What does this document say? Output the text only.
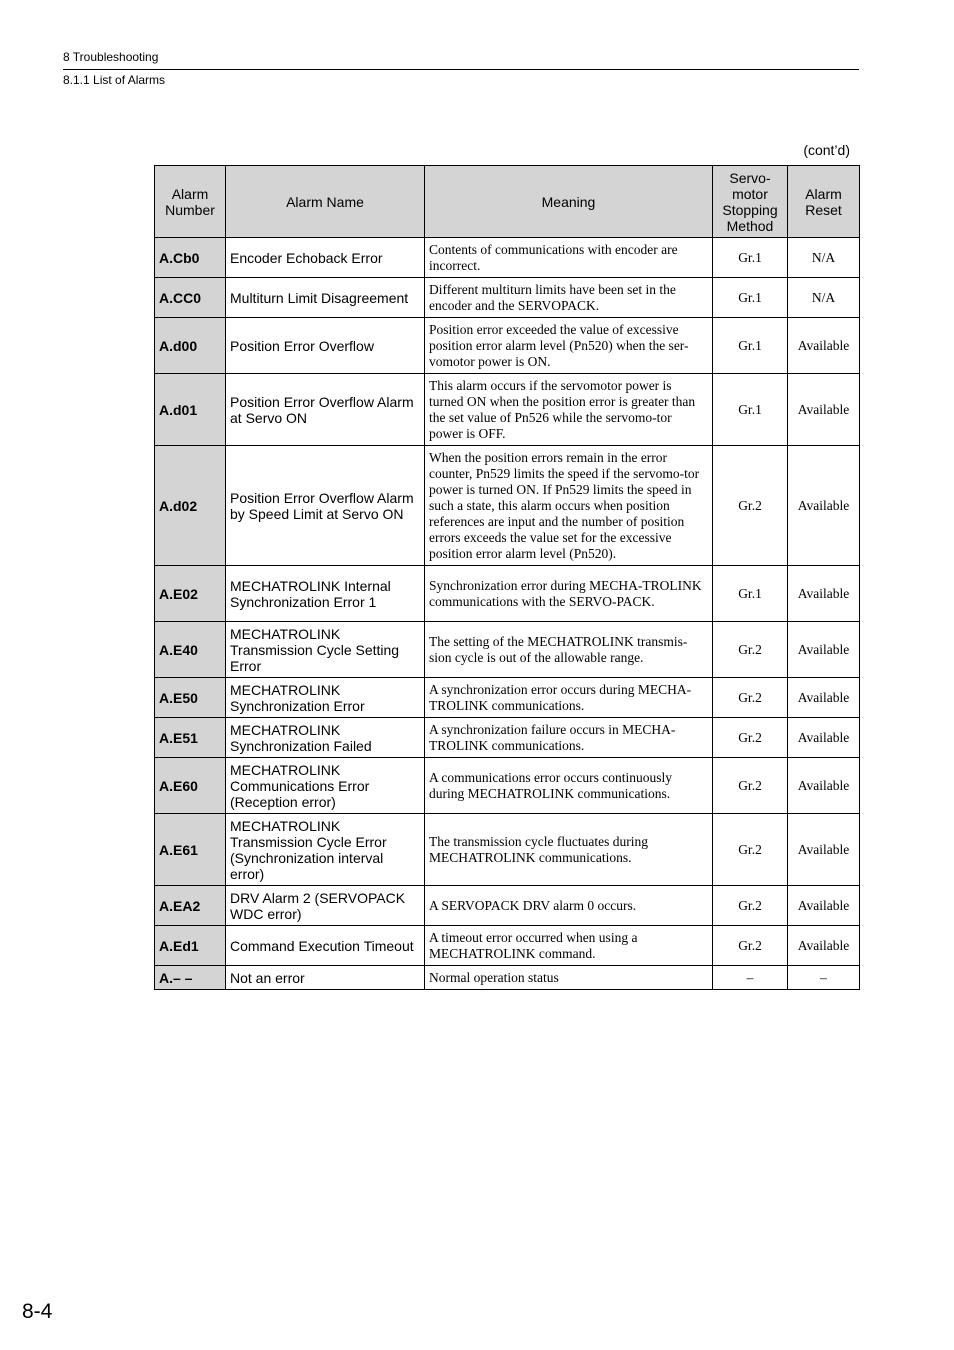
8 Troubleshooting
8.1.1 List of Alarms
(cont’d)
Alarm Number	Alarm Name	Meaning	Servo-motor Stopping Method	Alarm Reset
A.Cb0	Encoder Echoback Error	Contents of communications with encoder are incorrect.	Gr.1	N/A
A.CC0	Multiturn Limit Disagreement	Different multiturn limits have been set in the encoder and the SERVOPACK.	Gr.1	N/A
A.d00	Position Error Overflow	Position error exceeded the value of excessive position error alarm level (Pn520) when the ser-vomotor power is ON.	Gr.1	Available
A.d01	Position Error Overflow Alarm at Servo ON	This alarm occurs if the servomotor power is turned ON when the position error is greater than the set value of Pn526 while the servomo-tor power is OFF.	Gr.1	Available
A.d02	Position Error Overflow Alarm by Speed Limit at Servo ON	When the position errors remain in the error counter, Pn529 limits the speed if the servomo-tor power is turned ON. If Pn529 limits the speed in such a state, this alarm occurs when position references are input and the number of position errors exceeds the value set for the excessive position error alarm level (Pn520).	Gr.2	Available
A.E02	MECHATROLINK Internal Synchronization Error 1	Synchronization error during MECHA-TROLINK communications with the SERVO-PACK.	Gr.1	Available
A.E40	MECHATROLINK Transmission Cycle Setting Error	The setting of the MECHATROLINK transmis-sion cycle is out of the allowable range.	Gr.2	Available
A.E50	MECHATROLINK Synchronization Error	A synchronization error occurs during MECHA-TROLINK communications.	Gr.2	Available
A.E51	MECHATROLINK Synchronization Failed	A synchronization failure occurs in MECHA-TROLINK communications.	Gr.2	Available
A.E60	MECHATROLINK Communications Error (Reception error)	A communications error occurs continuously during MECHATROLINK communications.	Gr.2	Available
A.E61	MECHATROLINK Transmission Cycle Error (Synchronization interval error)	The transmission cycle fluctuates during MECHATROLINK communications.	Gr.2	Available
A.EA2	DRV Alarm 2 (SERVOPACK WDC error)	A SERVOPACK DRV alarm 0 occurs.	Gr.2	Available
A.Ed1	Command Execution Timeout	A timeout error occurred when using a MECHATROLINK command.	Gr.2	Available
A.– –	Not an error	Normal operation status	–	–
8-4
